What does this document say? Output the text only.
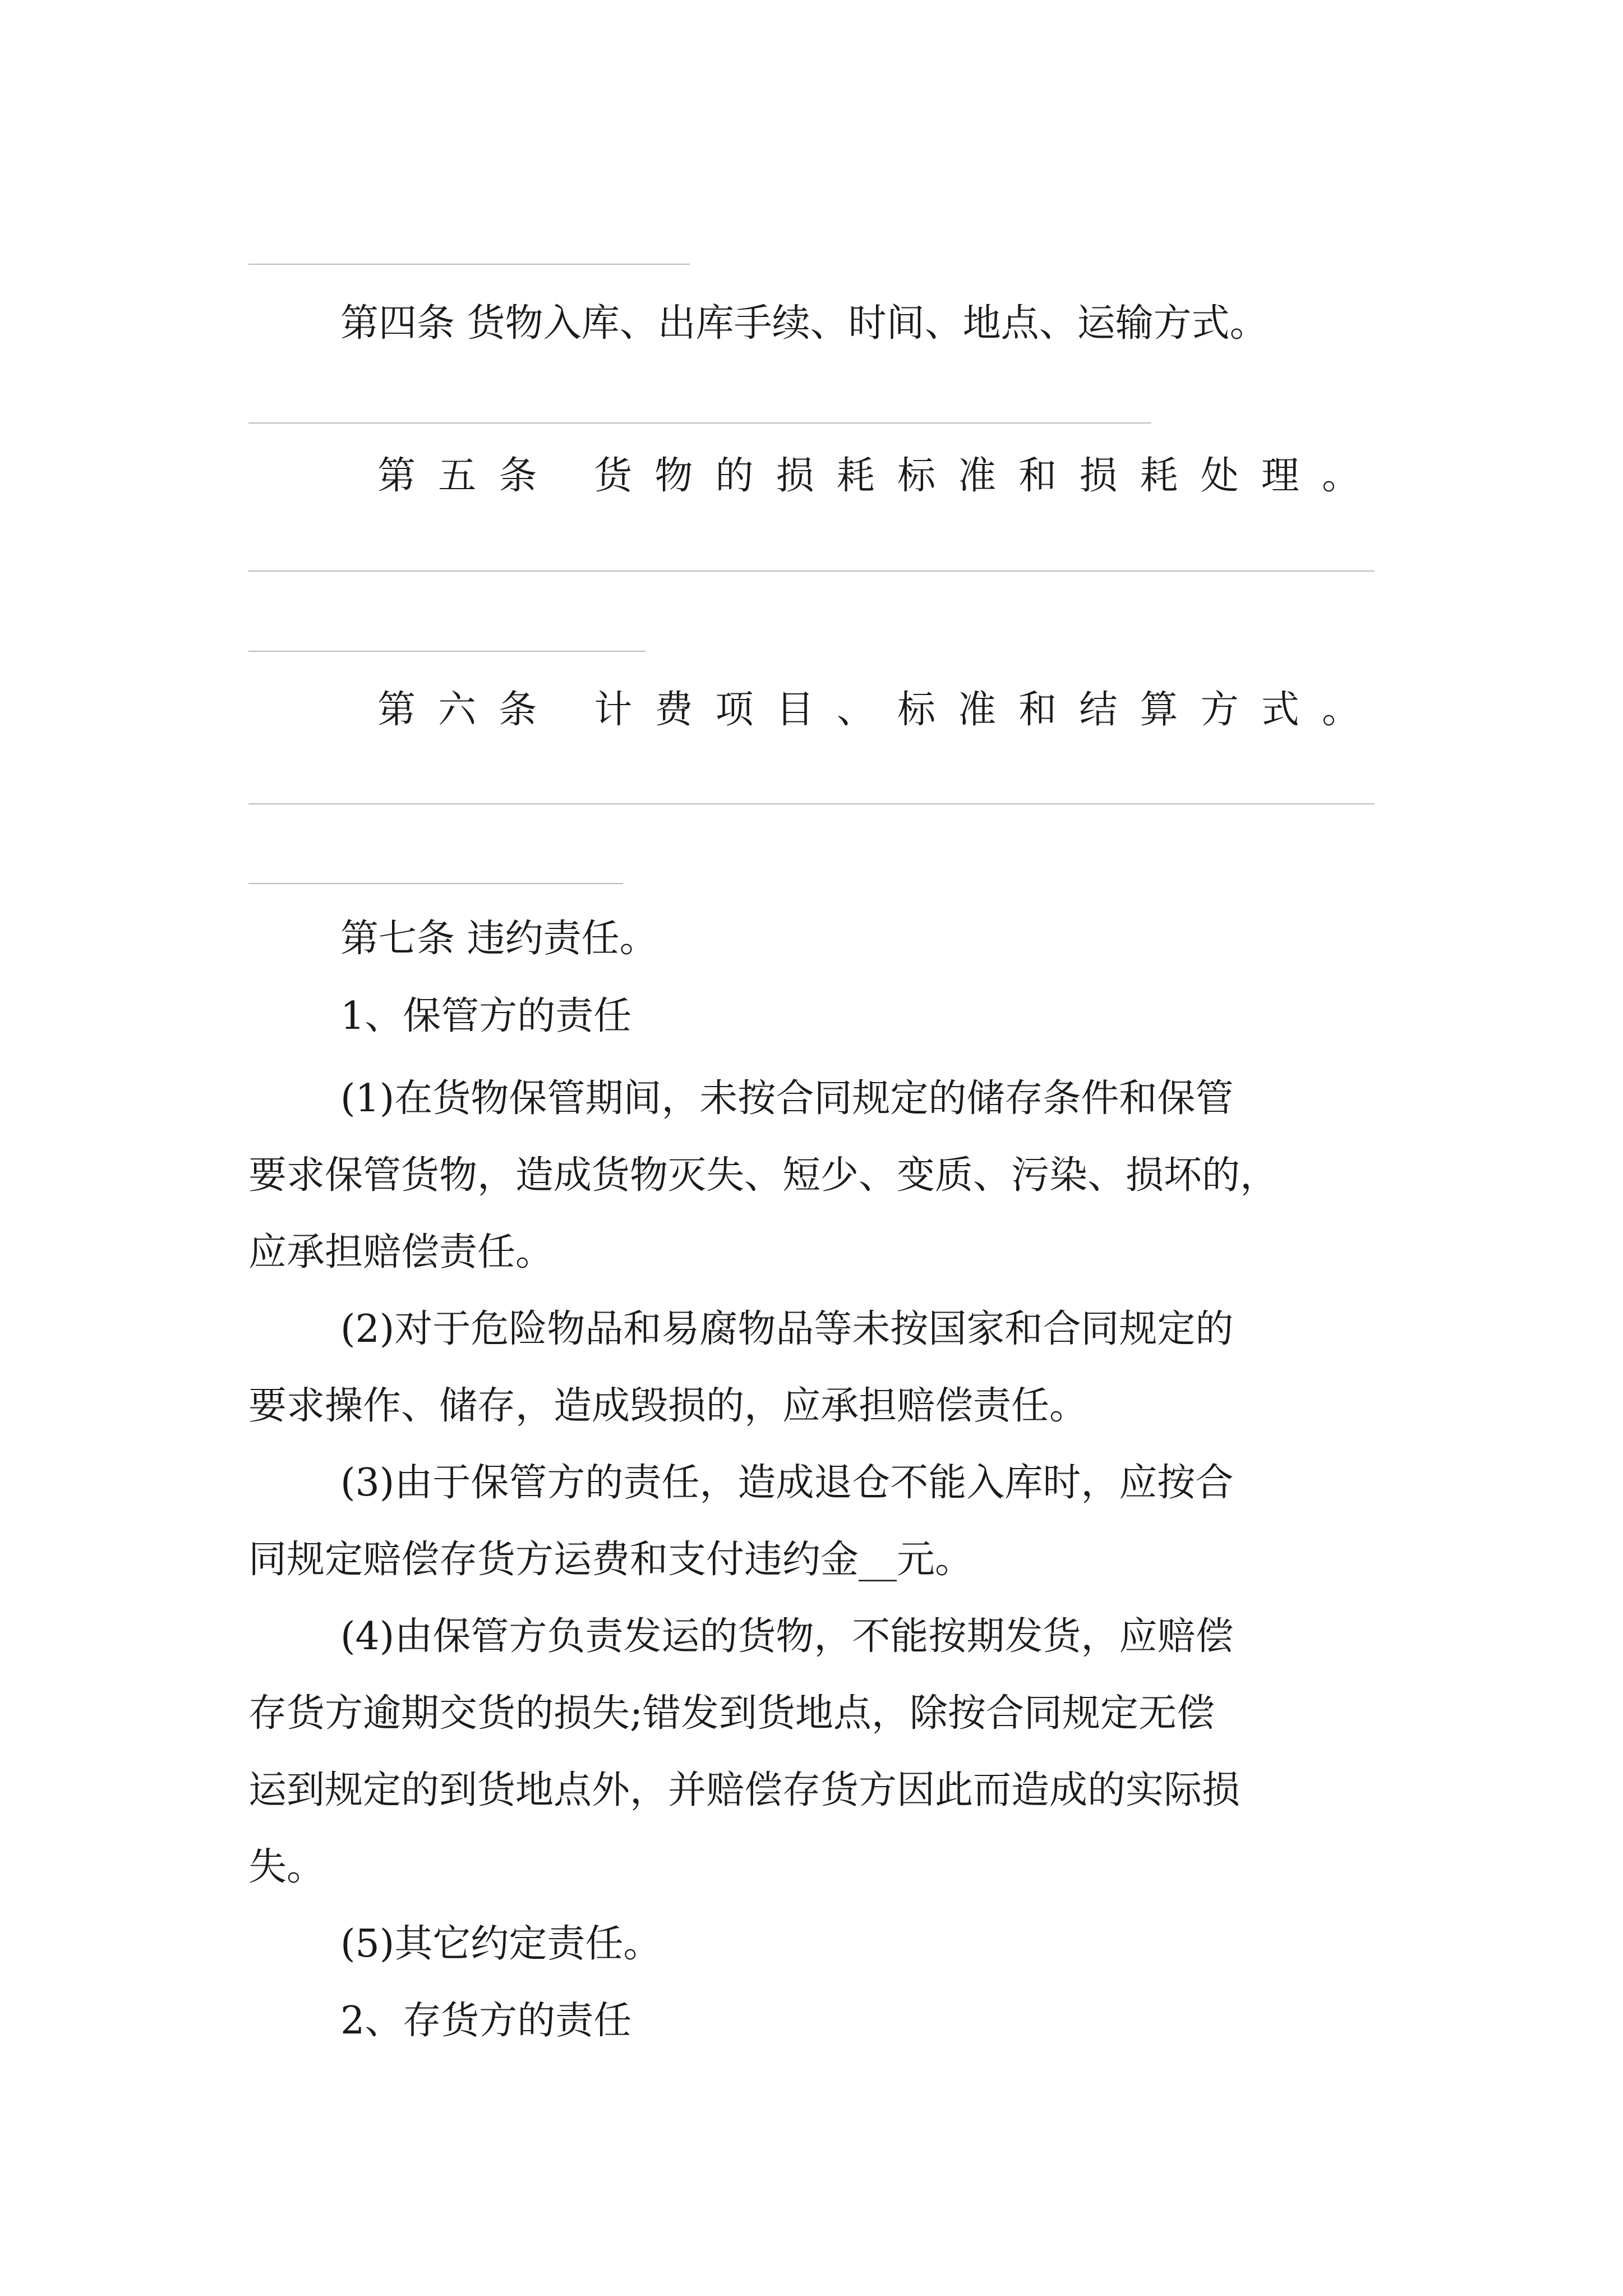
第四条 货物入库、出库手续、时间、地点、运输方式。
第五条 货物的损耗标准和损耗处理。
第六条 计费项目、标准和结算方式。
第七条 违约责任。
1、保管方的责任
(1)在货物保管期间，未按合同规定的储存条件和保管
要求保管货物，造成货物灭失、短少、变质、污染、损坏的，
应承担赔偿责任。
(2)对于危险物品和易腐物品等未按国家和合同规定的
要求操作、储存，造成毁损的，应承担赔偿责任。
(3)由于保管方的责任，造成退仓不能入库时，应按合
同规定赔偿存货方运费和支付违约金__元。
(4)由保管方负责发运的货物，不能按期发货，应赔偿
存货方逾期交货的损失;错发到货地点，除按合同规定无偿
运到规定的到货地点外，并赔偿存货方因此而造成的实际损
失。
(5)其它约定责任。
2、存货方的责任
